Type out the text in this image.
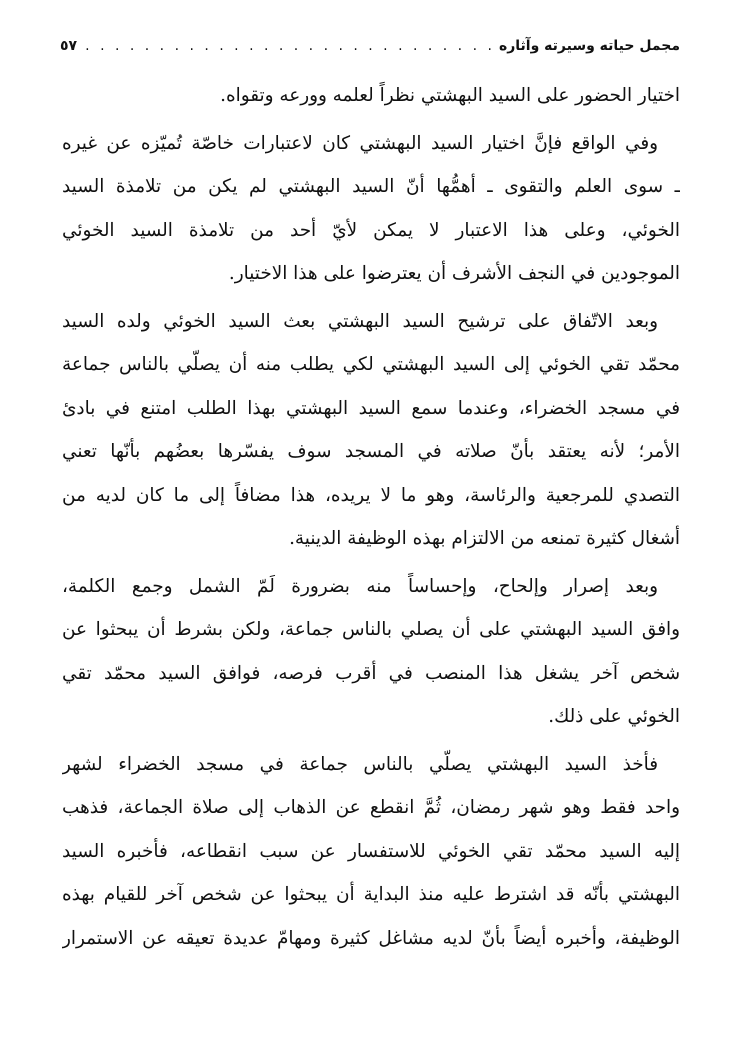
مجمل حياته وسيرته وآثاره
. . .
٥٧
اختيار الحضور على السيد البهشتي نظراً لعلمه وورعه وتقواه.
وفي الواقع فإنَّ اختيار السيد البهشتي كان لاعتبارات خاصّة تُميّزه عن غيره
ـ سوى العلم والتقوى ـ أهمُّها أنّ السيد البهشتي لم يكن من تلامذة السيد
الخوئي، وعلى هذا الاعتبار لا يمكن لأيّ أحد من تلامذة السيد الخوئي
الموجودين في النجف الأشرف أن يعترضوا على هذا الاختيار.
وبعد الاتّفاق على ترشيح السيد البهشتي بعث السيد الخوئي ولده السيد
محمّد تقي الخوئي إلى السيد البهشتي لكي يطلب منه أن يصلّي بالناس جماعة
في مسجد الخضراء، وعندما سمع السيد البهشتي بهذا الطلب امتنع في بادئ
الأمر؛ لأنه يعتقد بأنّ صلاته في المسجد سوف يفسّرها بعضُهم بأنّها تعني
التصدي للمرجعية والرئاسة، وهو ما لا يريده، هذا مضافاً إلى ما كان لديه من
أشغال كثيرة تمنعه من الالتزام بهذه الوظيفة الدينية.
وبعد إصرار وإلحاح، وإحساساً منه بضرورة لَمّ الشمل وجمع الكلمة،
وافق السيد البهشتي على أن يصلي بالناس جماعة، ولكن بشرط أن يبحثوا عن
شخص آخر يشغل هذا المنصب في أقرب فرصه، فوافق السيد محمّد تقي
الخوئي على ذلك.
فأخذ السيد البهشتي يصلّي بالناس جماعة في مسجد الخضراء لشهر
واحد فقط وهو شهر رمضان، ثُمَّ انقطع عن الذهاب إلى صلاة الجماعة، فذهب
إليه السيد محمّد تقي الخوئي للاستفسار عن سبب انقطاعه، فأخبره السيد
البهشتي بأنّه قد اشترط عليه منذ البداية أن يبحثوا عن شخص آخر للقيام بهذه
الوظيفة، وأخبره أيضاً بأنّ لديه مشاغل كثيرة ومهامّ عديدة تعيقه عن الاستمرار
